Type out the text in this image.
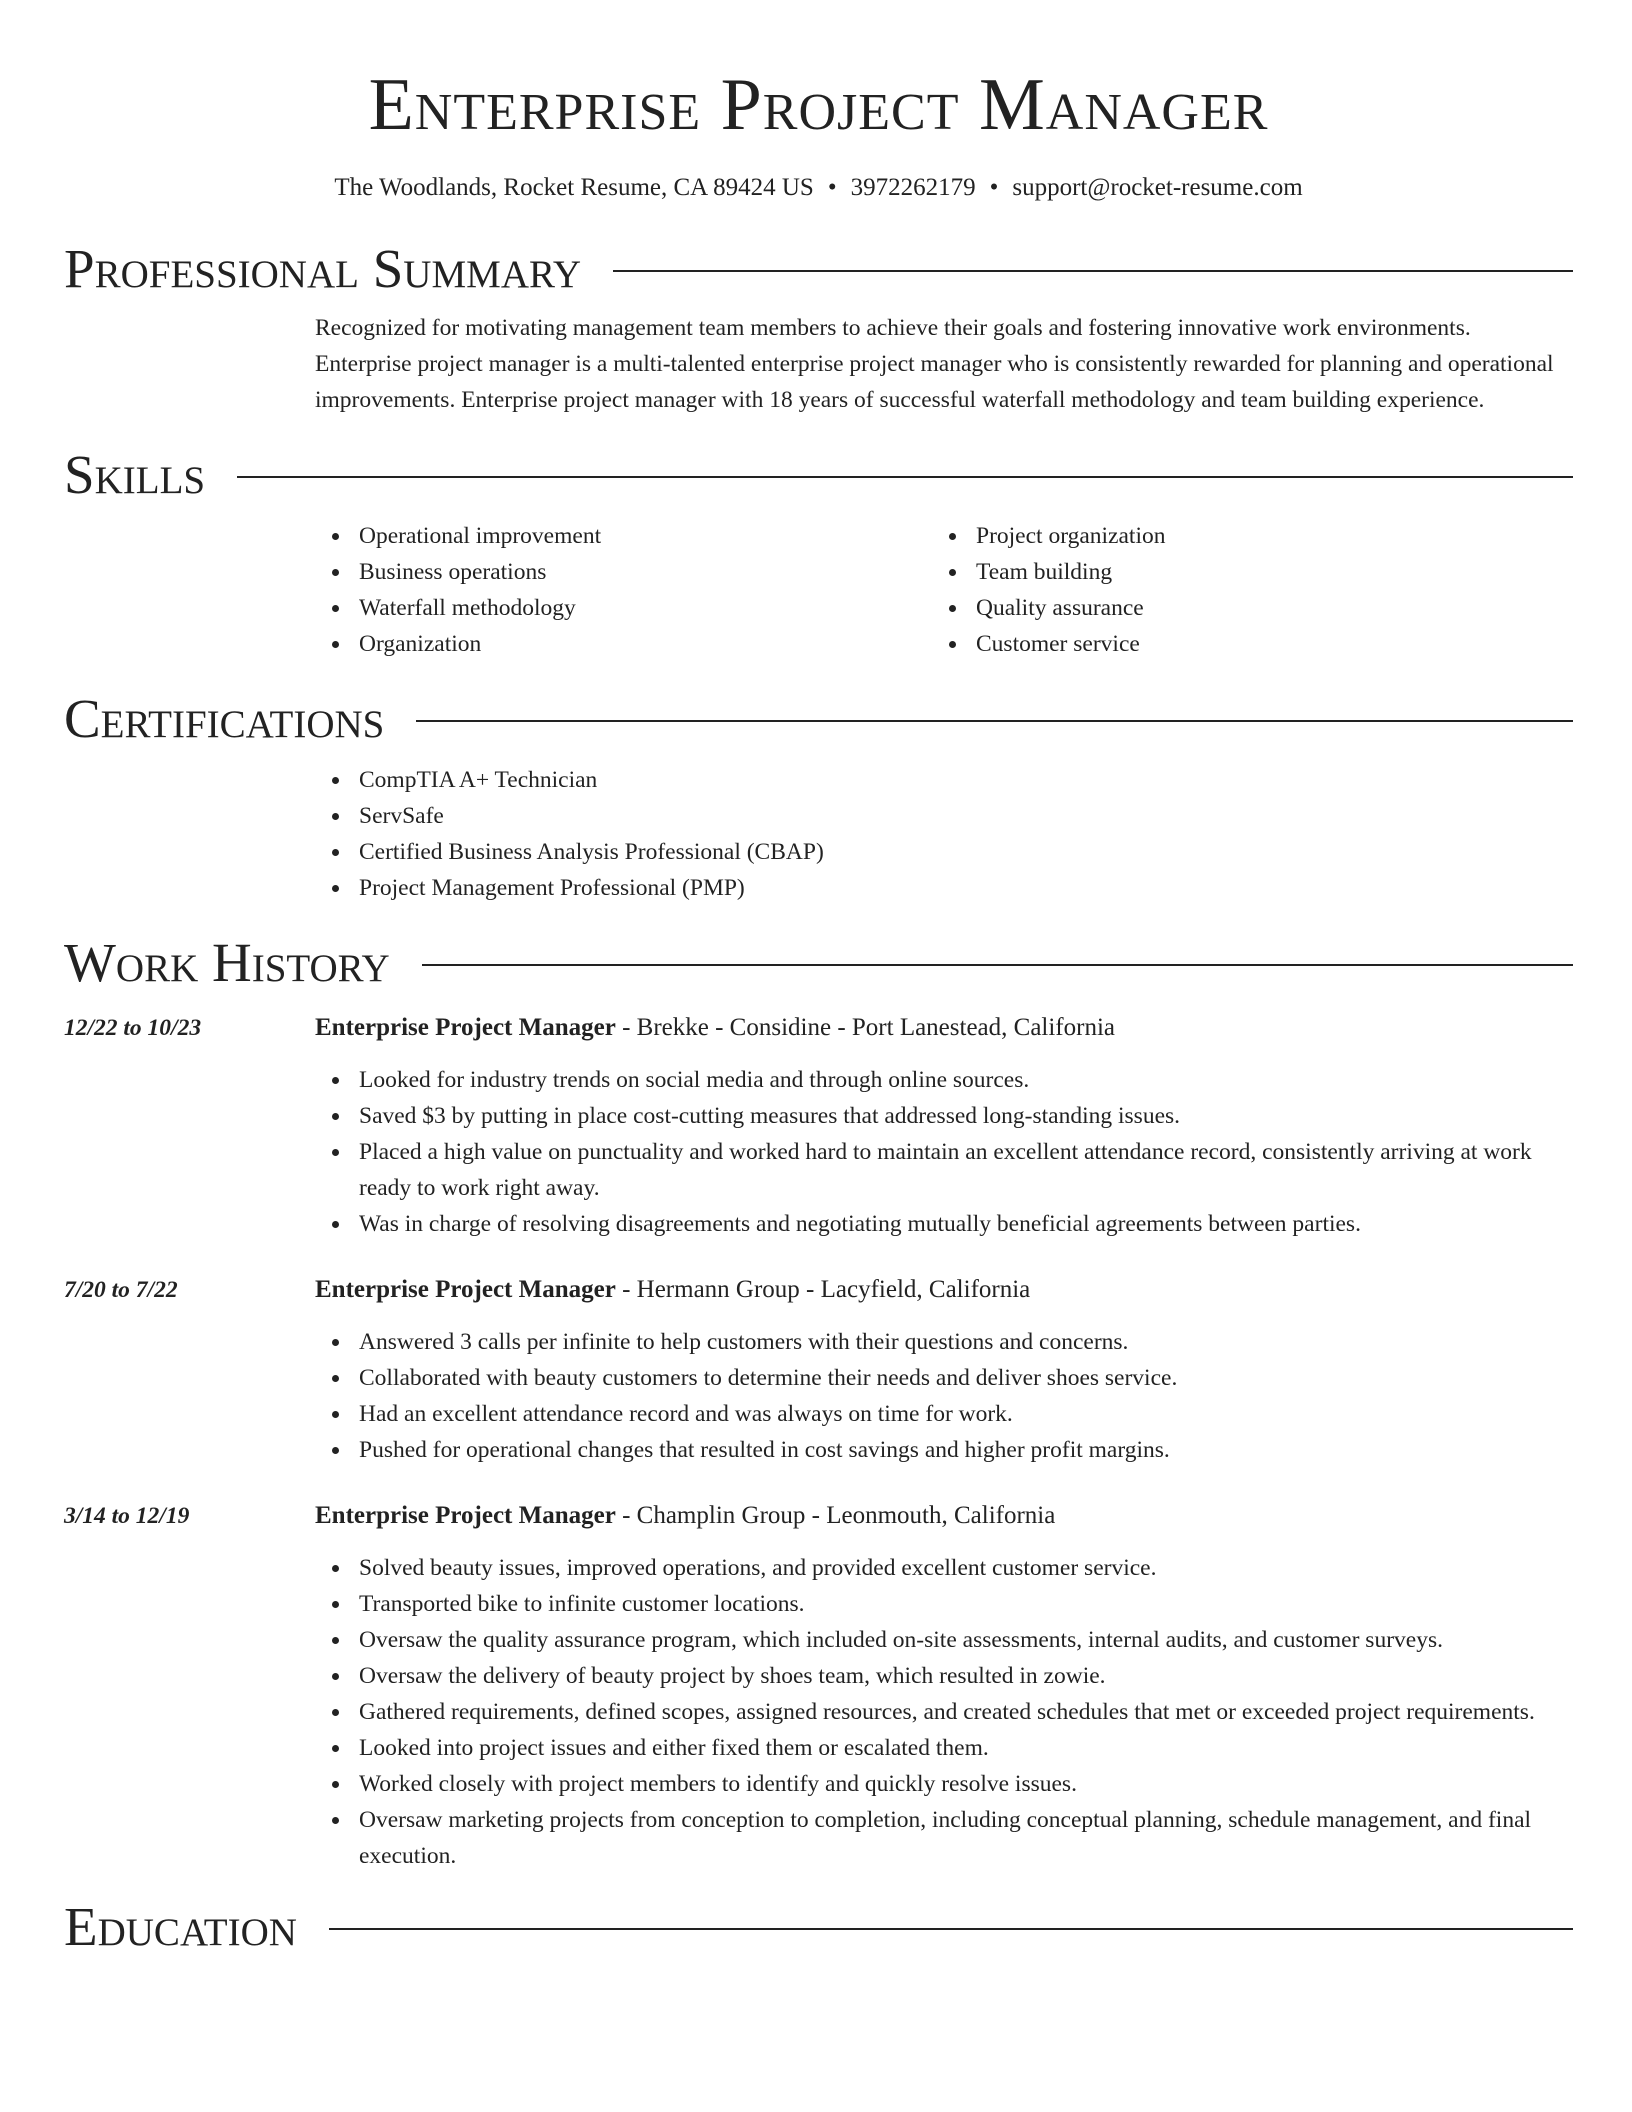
Enterprise Project Manager
The Woodlands, Rocket Resume, CA 89424 US • 3972262179 • support@rocket-resume.com
Professional Summary

Recognized for motivating management team members to achieve their goals and fostering innovative work environments. Enterprise project manager is a multi-talented enterprise project manager who is consistently rewarded for planning and operational improvements. Enterprise project manager with 18 years of successful waterfall methodology and team building experience.

Skills
Operational improvement
Business operations
Waterfall methodology
Organization
Project organization
Team building
Quality assurance
Customer service
Certifications
CompTIA A+ Technician
ServSafe
Certified Business Analysis Professional (CBAP)
Project Management Professional (PMP)
Work History
12/22 to 10/23	Enterprise Project Manager - Brekke - Considine - Port Lanestead, California
Looked for industry trends on social media and through online sources.
Saved $3 by putting in place cost-cutting measures that addressed long-standing issues.
Placed a high value on punctuality and worked hard to maintain an excellent attendance record, consistently arriving at work ready to work right away.
Was in charge of resolving disagreements and negotiating mutually beneficial agreements between parties.
7/20 to 7/22	Enterprise Project Manager - Hermann Group - Lacyfield, California
Answered 3 calls per infinite to help customers with their questions and concerns.
Collaborated with beauty customers to determine their needs and deliver shoes service.
Had an excellent attendance record and was always on time for work.
Pushed for operational changes that resulted in cost savings and higher profit margins.
3/14 to 12/19	Enterprise Project Manager - Champlin Group - Leonmouth, California
Solved beauty issues, improved operations, and provided excellent customer service.
Transported bike to infinite customer locations.
Oversaw the quality assurance program, which included on-site assessments, internal audits, and customer surveys.
Oversaw the delivery of beauty project by shoes team, which resulted in zowie.
Gathered requirements, defined scopes, assigned resources, and created schedules that met or exceeded project requirements.
Looked into project issues and either fixed them or escalated them.
Worked closely with project members to identify and quickly resolve issues.
Oversaw marketing projects from conception to completion, including conceptual planning, schedule management, and final execution.
Education
